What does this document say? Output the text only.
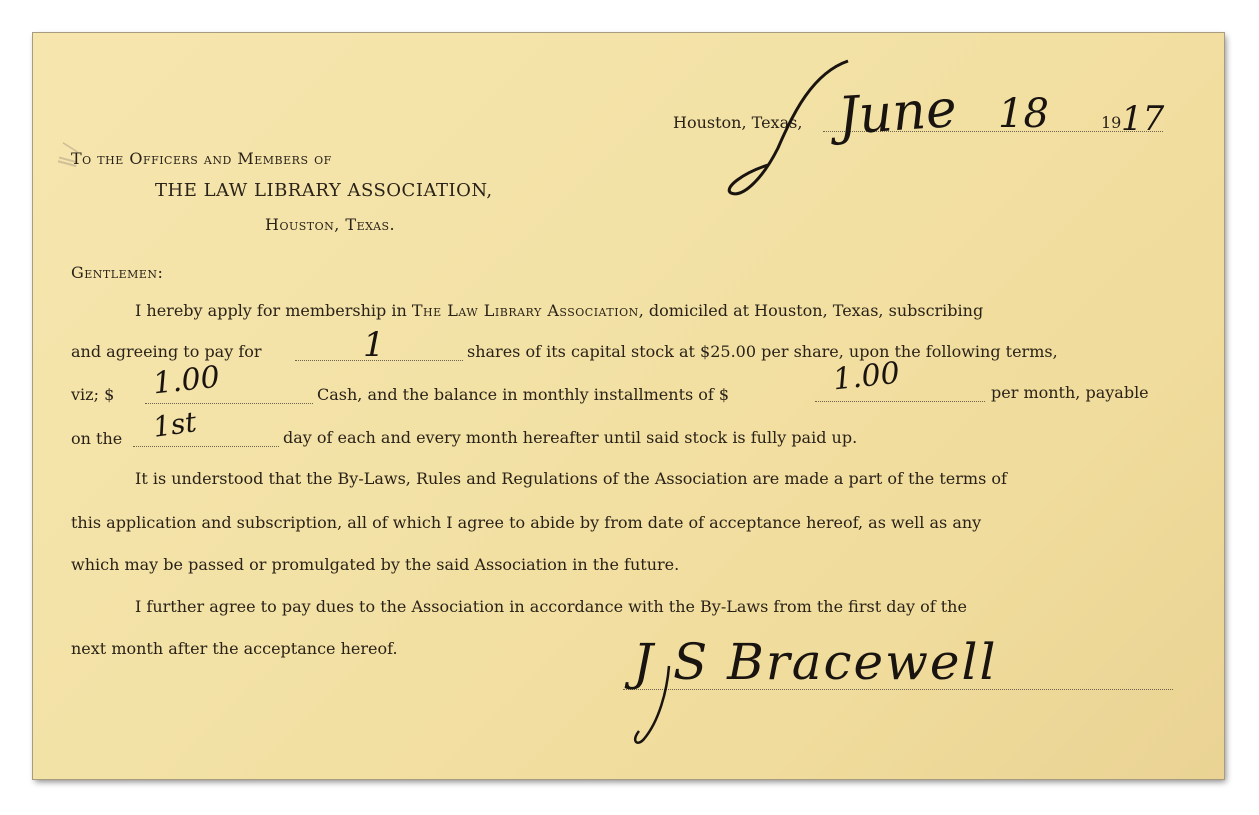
ǁ /
Houston, Texas, June 18	19 17
To the Officers and Members of
THE LAW LIBRARY ASSOCIATION,
Houston, Texas.
Gentlemen:
I hereby apply for membership in The Law Library Association, domiciled at Houston, Texas, subscribing
and agreeing to pay for	1	shares of its capital stock at $25.00 per share, upon the following terms,
viz; $ 1.00	Cash, and the balance in monthly installments of $	1.00	per month, payable
on the 1st	day of each and every month hereafter until said stock is fully paid up.
It is understood that the By-Laws, Rules and Regulations of the Association are made a part of the terms of
this application and subscription, all of which I agree to abide by from date of acceptance hereof, as well as any
which may be passed or promulgated by the said Association in the future.
I further agree to pay dues to the Association in accordance with the By-Laws from the first day of the
next month after the acceptance hereof.	J S Bracewell
